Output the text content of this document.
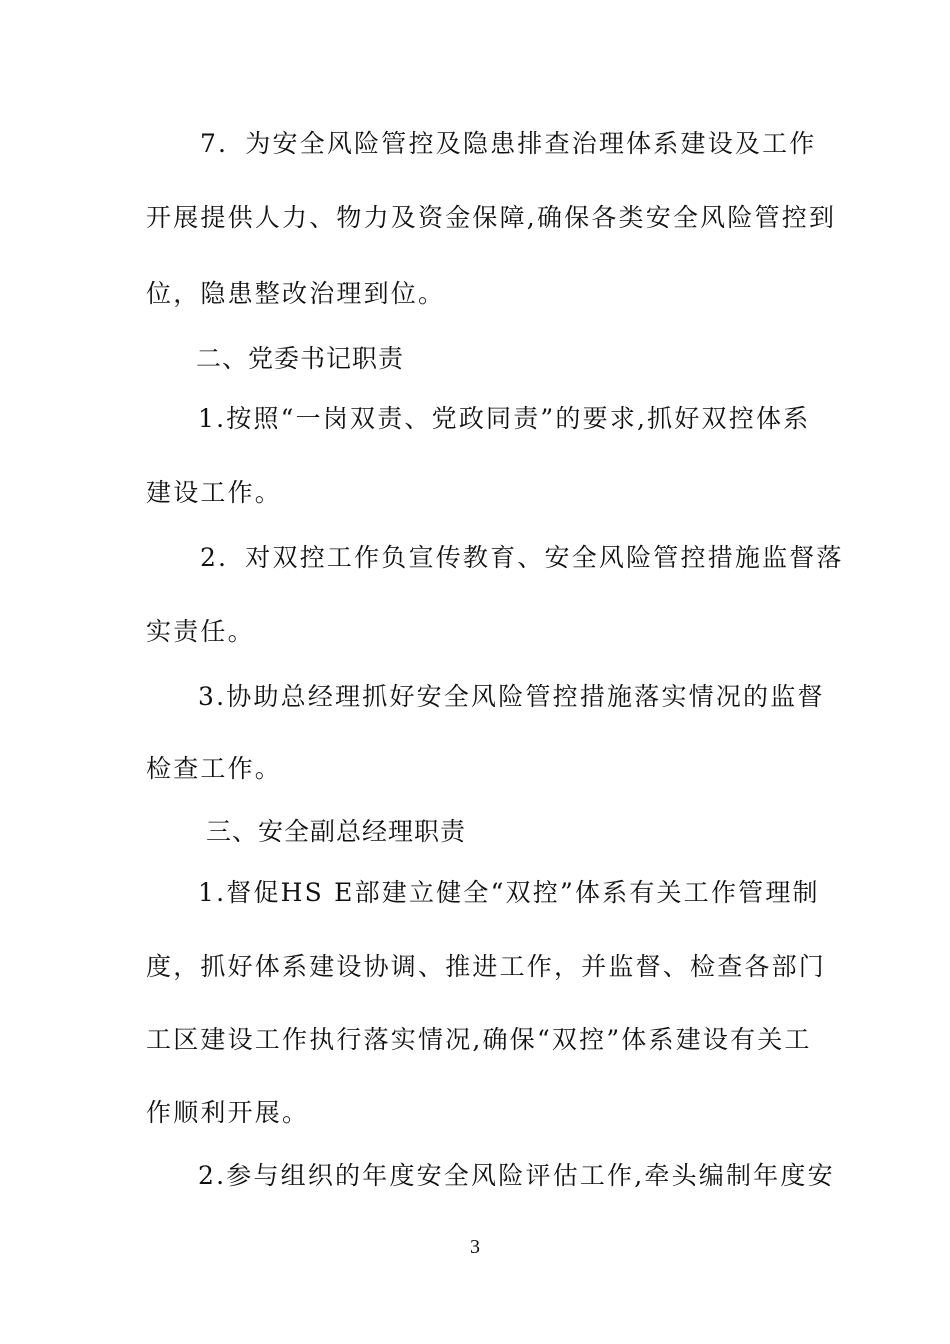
7．为安全风险管控及隐患排查治理体系建设及工作
开展提供人力、物力及资金保障,确保各类安全风险管控到
位，隐患整改治理到位。
二、党委书记职责
1.按照“一岗双责、党政同责”的要求,抓好双控体系
建设工作。
2．对双控工作负宣传教育、安全风险管控措施监督落
实责任。
3.协助总经理抓好安全风险管控措施落实情况的监督
检查工作。
三、安全副总经理职责
1.督促HS E部建立健全“双控”体系有关工作管理制
度，抓好体系建设协调、推进工作，并监督、检查各部门
工区建设工作执行落实情况,确保“双控”体系建设有关工
作顺利开展。
2.参与组织的年度安全风险评估工作,牵头编制年度安
3
